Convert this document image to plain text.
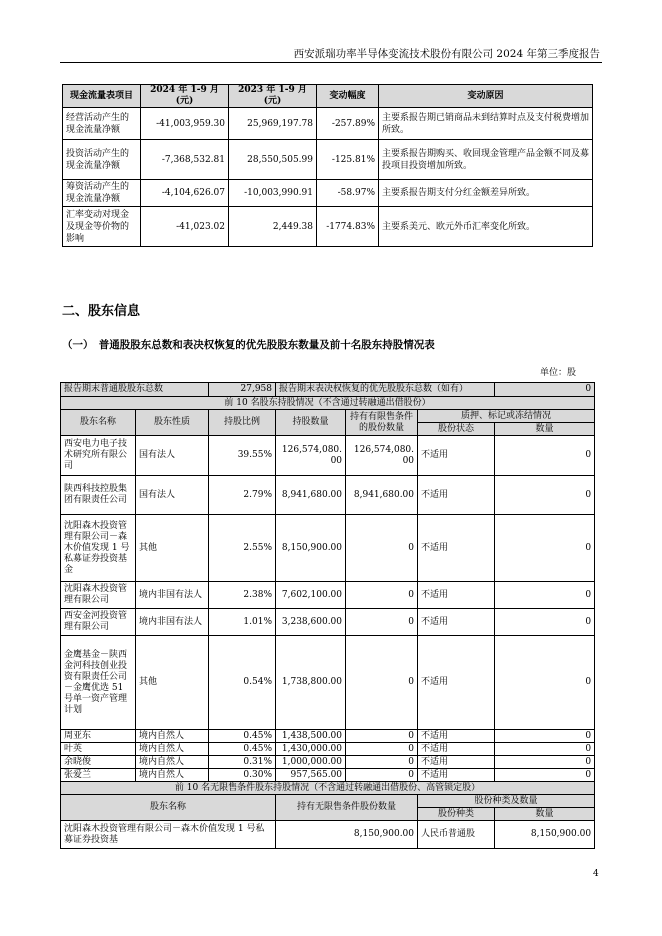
西安派瑞功率半导体变流技术股份有限公司 2024 年第三季度报告
现金流量表项目	2024 年 1-9 月(元)	2023 年 1-9 月(元)	变动幅度	变动原因
经营活动产生的现金流量净额	-41,003,959.30	25,969,197.78	-257.89%	主要系报告期已销商品未到结算时点及支付税费增加所致。
投资活动产生的现金流量净额	-7,368,532.81	28,550,505.99	-125.81%	主要系报告期购买、收回现金管理产品金额不同及募投项目投资增加所致。
筹资活动产生的现金流量净额	-4,104,626.07	-10,003,990.91	-58.97%	主要系报告期支付分红金额差异所致。
汇率变动对现金及现金等价物的影响	-41,023.02	2,449.38	-1774.83%	主要系美元、欧元外币汇率变化所致。
二、股东信息
（一）　普通股股东总数和表决权恢复的优先股股东数量及前十名股东持股情况表
单位：股
报告期末普通股股东总数		27,958	报告期末表决权恢复的优先股股东总数（如有）			0
前 10 名股东持股情况（不含通过转融通出借股份）						
股东名称	股东性质	持股比例	持股数量	持有有限售条件的股份数量	质押、标记或冻结情况	
					股份状态	数量
西安电力电子技术研究所有限公司	国有法人	39.55%	126,574,080.00	126,574,080.00	不适用	0
陕西科技控股集团有限责任公司	国有法人	2.79%	8,941,680.00	8,941,680.00	不适用	0
沈阳森木投资管理有限公司－森木价值发现 1 号私募证券投资基金	其他	2.55%	8,150,900.00	0	不适用	0
沈阳森木投资管理有限公司	境内非国有法人	2.38%	7,602,100.00	0	不适用	0
西安金河投资管理有限公司	境内非国有法人	1.01%	3,238,600.00	0	不适用	0
金鹰基金－陕西金河科技创业投资有限责任公司－金鹰优选 51 号单一资产管理计划	其他	0.54%	1,738,800.00	0	不适用	0
周亚东	境内自然人	0.45%	1,438,500.00	0	不适用	0
叶英	境内自然人	0.45%	1,430,000.00	0	不适用	0
余晓俊	境内自然人	0.31%	1,000,000.00	0	不适用	0
张爱兰	境内自然人	0.30%	957,565.00	0	不适用	0
前 10 名无限售条件股东持股情况（不含通过转融通出借股份、高管锁定股）						
股东名称			持有无限售条件股份数量		股份种类及数量	
					股份种类	数量
沈阳森木投资管理有限公司－森木价值发现 1 号私募证券投资基			8,150,900.00		人民币普通股	8,150,900.00
4
